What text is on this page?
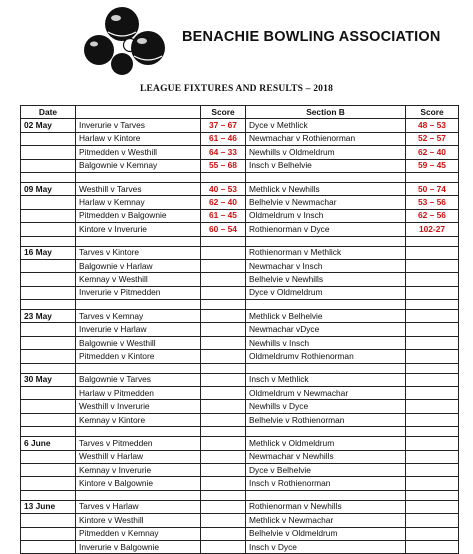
BENACHIE BOWLING ASSOCIATION
LEAGUE FIXTURES AND RESULTS – 2018
Date		Score	Section B	Score
02 May	Inverurie v Tarves	37 – 67	Dyce v Methlick	48 – 53
	Harlaw v Kintore	61 – 46	Newmachar v Rothienorman	52 – 57
	Pitmedden v Westhill	64 – 33	Newhills v Oldmeldrum	62 – 40
	Balgownie v Kemnay	55 – 68	Insch v Belhelvie	59 – 45

09 May	Westhill v Tarves	40 – 53	Methlick v Newhills	50 – 74
	Harlaw v Kemnay	62 – 40	Belhelvie v Newmachar	53 – 56
	Pitmedden v Balgownie	61 – 45	Oldmeldrum v Insch	62 – 56
	Kintore v Inverurie	60 – 54	Rothienorman v Dyce	102-27

16 May	Tarves v Kintore		Rothienorman v Methlick	
	Balgownie v Harlaw		Newmachar v Insch	
	Kemnay v Westhill		Belhelvie v Newhills	
	Inverurie v Pitmedden		Dyce v Oldmeldrum	

23 May	Tarves v Kemnay		Methlick v Belhelvie	
	Inverurie v Harlaw		Newmachar vDyce	
	Balgownie v Westhill		Newhills v Insch	
	Pitmedden v Kintore		Oldmeldrumv Rothienorman	

30 May	Balgownie v Tarves		Insch v Methlick	
	Harlaw v Pitmedden		Oldmeldrum v Newmachar	
	Westhill v Inverurie		Newhills v Dyce	
	Kemnay v Kintore		Belhelvie v Rothienorman	

6 June	Tarves v Pitmedden		Methlick v Oldmeldrum	
	Westhill v Harlaw		Newmachar v Newhills	
	Kemnay v Inverurie		Dyce v Belhelvie	
	Kintore v Balgownie		Insch v Rothienorman	

13 June	Tarves v Harlaw		Rothienorman v Newhills	
	Kintore v Westhill		Methlick v Newmachar	
	Pitmedden v Kemnay		Belhelvie v Oldmeldrum	
	Inverurie v Balgownie		Insch v Dyce	
